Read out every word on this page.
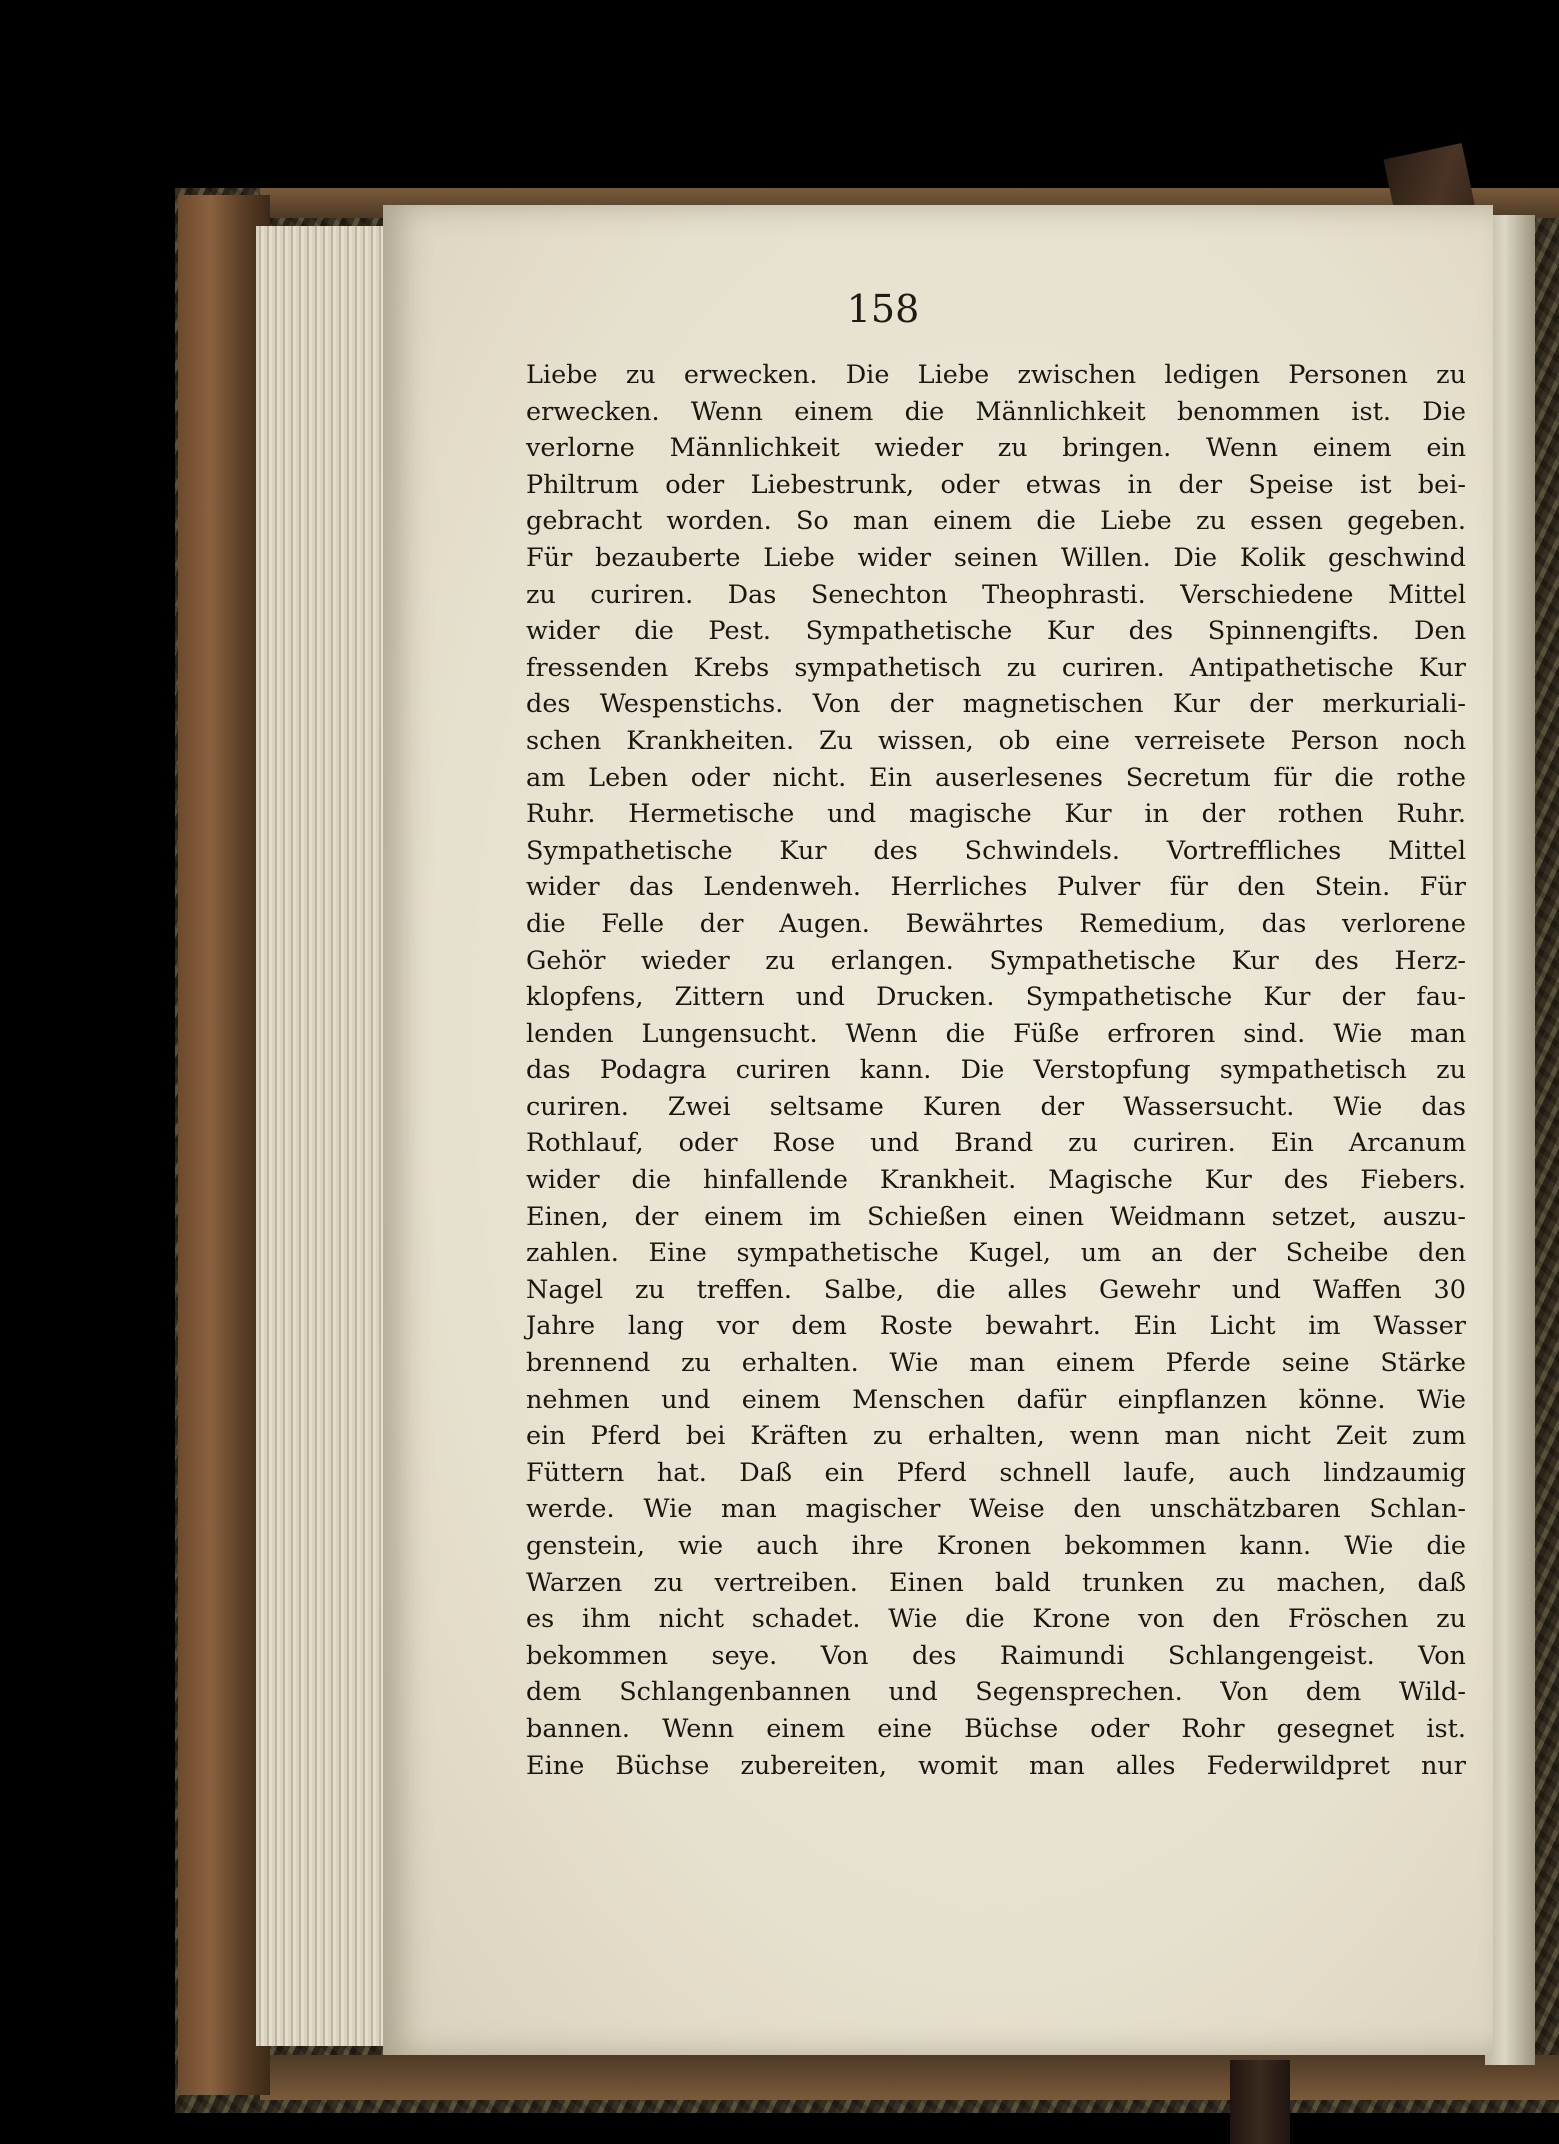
158
Liebe zu erwecken. Die Liebe zwischen ledigen Personen zu
erwecken. Wenn einem die Männlichkeit benommen ist. Die
verlorne Männlichkeit wieder zu bringen. Wenn einem ein
Philtrum oder Liebestrunk, oder etwas in der Speise ist bei-
gebracht worden. So man einem die Liebe zu essen gegeben.
Für bezauberte Liebe wider seinen Willen. Die Kolik geschwind
zu curiren. Das Senechton Theophrasti. Verschiedene Mittel
wider die Pest. Sympathetische Kur des Spinnengifts. Den
fressenden Krebs sympathetisch zu curiren. Antipathetische Kur
des Wespenstichs. Von der magnetischen Kur der merkuriali-
schen Krankheiten. Zu wissen, ob eine verreisete Person noch
am Leben oder nicht. Ein auserlesenes Secretum für die rothe
Ruhr. Hermetische und magische Kur in der rothen Ruhr.
Sympathetische Kur des Schwindels. Vortreffliches Mittel
wider das Lendenweh. Herrliches Pulver für den Stein. Für
die Felle der Augen. Bewährtes Remedium, das verlorene
Gehör wieder zu erlangen. Sympathetische Kur des Herz-
klopfens, Zittern und Drucken. Sympathetische Kur der fau-
lenden Lungensucht. Wenn die Füße erfroren sind. Wie man
das Podagra curiren kann. Die Verstopfung sympathetisch zu
curiren. Zwei seltsame Kuren der Wassersucht. Wie das
Rothlauf, oder Rose und Brand zu curiren. Ein Arcanum
wider die hinfallende Krankheit. Magische Kur des Fiebers.
Einen, der einem im Schießen einen Weidmann setzet, auszu-
zahlen. Eine sympathetische Kugel, um an der Scheibe den
Nagel zu treffen. Salbe, die alles Gewehr und Waffen 30
Jahre lang vor dem Roste bewahrt. Ein Licht im Wasser
brennend zu erhalten. Wie man einem Pferde seine Stärke
nehmen und einem Menschen dafür einpflanzen könne. Wie
ein Pferd bei Kräften zu erhalten, wenn man nicht Zeit zum
Füttern hat. Daß ein Pferd schnell laufe, auch lindzaumig
werde. Wie man magischer Weise den unschätzbaren Schlan-
genstein, wie auch ihre Kronen bekommen kann. Wie die
Warzen zu vertreiben. Einen bald trunken zu machen, daß
es ihm nicht schadet. Wie die Krone von den Fröschen zu
bekommen seye. Von des Raimundi Schlangengeist. Von
dem Schlangenbannen und Segensprechen. Von dem Wild-
bannen. Wenn einem eine Büchse oder Rohr gesegnet ist.
Eine Büchse zubereiten, womit man alles Federwildpret nur
